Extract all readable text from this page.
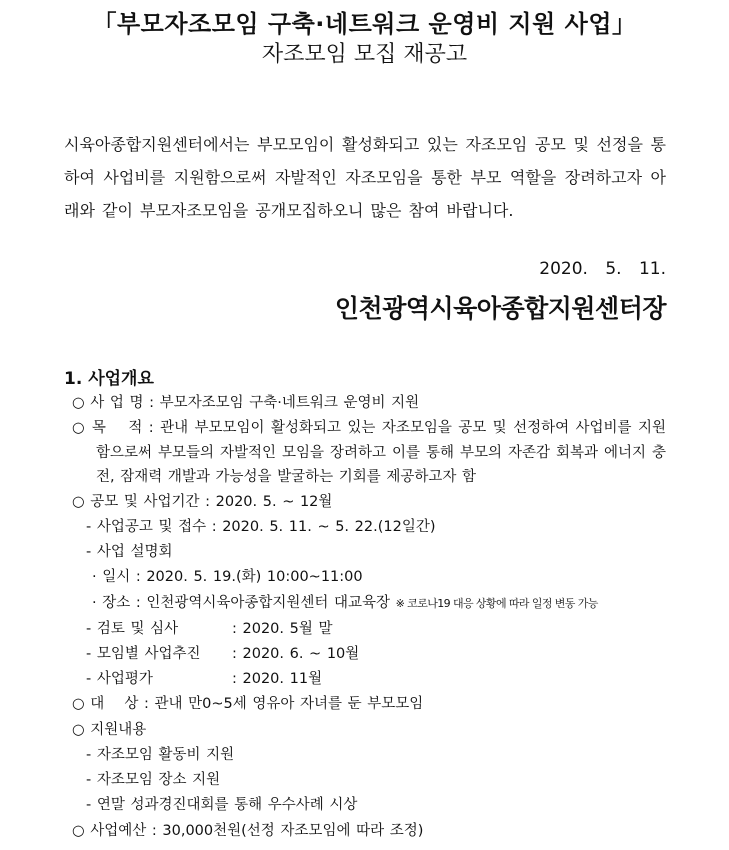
「부모자조모임 구축·네트워크 운영비 지원 사업」
자조모임 모집 재공고

시육아종합지원센터에서는 부모모임이 활성화되고 있는 자조모임 공모 및 선정을 통하여 사업비를 지원함으로써 자발적인 자조모임을 통한 부모 역할을 장려하고자 아래와 같이 부모자조모임을 공개모집하오니 많은 참여 바랍니다.

2020. 5. 11.
인천광역시육아종합지원센터장
1. 사업개요
○ 사 업 명 : 부모자조모임 구축·네트워크 운영비 지원
○ 목　 적 : 관내 부모모임이 활성화되고 있는 자조모임을 공모 및 선정하여 사업비를 지원함으로써 부모들의 자발적인 모임을 장려하고 이를 통해 부모의 자존감 회복과 에너지 충전, 잠재력 개발과 가능성을 발굴하는 기회를 제공하고자 함
○ 공모 및 사업기간 : 2020. 5. ~ 12월
- 사업공고 및 접수 : 2020. 5. 11. ~ 5. 22.(12일간)
- 사업 설명회
· 일시 : 2020. 5. 19.(화) 10:00~11:00
· 장소 : 인천광역시육아종합지원센터 대교육장 ※ 코로나19 대응 상황에 따라 일정 변동 가능
- 검토 및 심사	: 2020. 5월 말
- 모임별 사업추진 : 2020. 6. ~ 10월
- 사업평가	: 2020. 11월
○ 대　 상 : 관내 만0~5세 영유아 자녀를 둔 부모모임
○ 지원내용
- 자조모임 활동비 지원
- 자조모임 장소 지원
- 연말 성과경진대회를 통해 우수사례 시상
○ 사업예산 : 30,000천원(선정 자조모임에 따라 조정)
